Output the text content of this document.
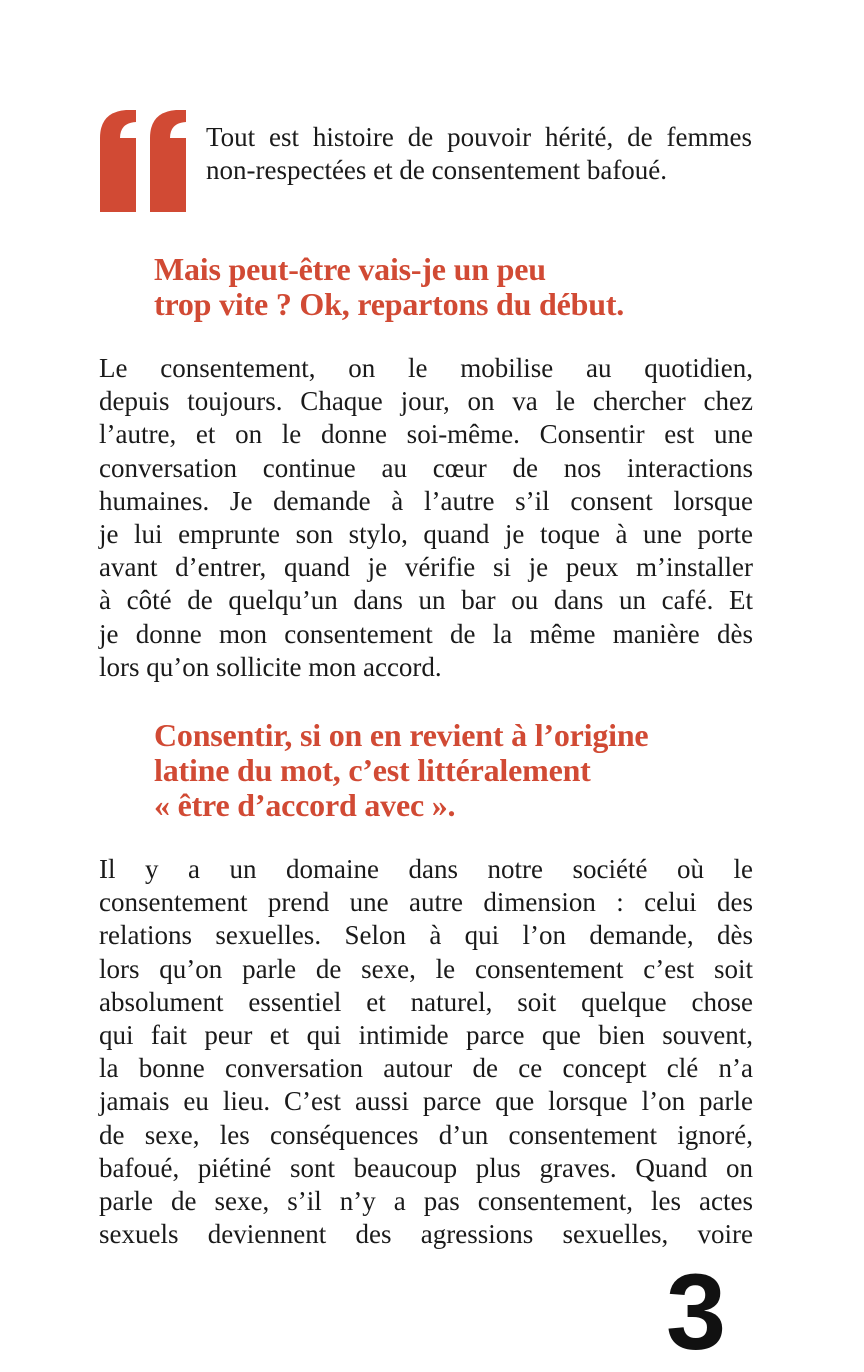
Tout est histoire de pouvoir hérité, de femmes non-respectées et de consentement bafoué.

Mais peut-être vais-je un peu
trop vite ? Ok, repartons du début.

Le consentement, on le mobilise au quotidien,
depuis toujours. Chaque jour, on va le chercher chez
l’autre, et on le donne soi-même. Consentir est une
conversation continue au cœur de nos interactions
humaines. Je demande à l’autre s’il consent lorsque
je lui emprunte son stylo, quand je toque à une porte
avant d’entrer, quand je vérifie si je peux m’installer
à côté de quelqu’un dans un bar ou dans un café. Et
je donne mon consentement de la même manière dès
lors qu’on sollicite mon accord.

Consentir, si on en revient à l’origine
latine du mot, c’est littéralement
« être d’accord avec ».

Il y a un domaine dans notre société où le
consentement prend une autre dimension : celui des
relations sexuelles. Selon à qui l’on demande, dès
lors qu’on parle de sexe, le consentement c’est soit
absolument essentiel et naturel, soit quelque chose
qui fait peur et qui intimide parce que bien souvent,
la bonne conversation autour de ce concept clé n’a
jamais eu lieu. C’est aussi parce que lorsque l’on parle
de sexe, les conséquences d’un consentement ignoré,
bafoué, piétiné sont beaucoup plus graves. Quand on
parle de sexe, s’il n’y a pas consentement, les actes
sexuels deviennent des agressions sexuelles, voire

3
